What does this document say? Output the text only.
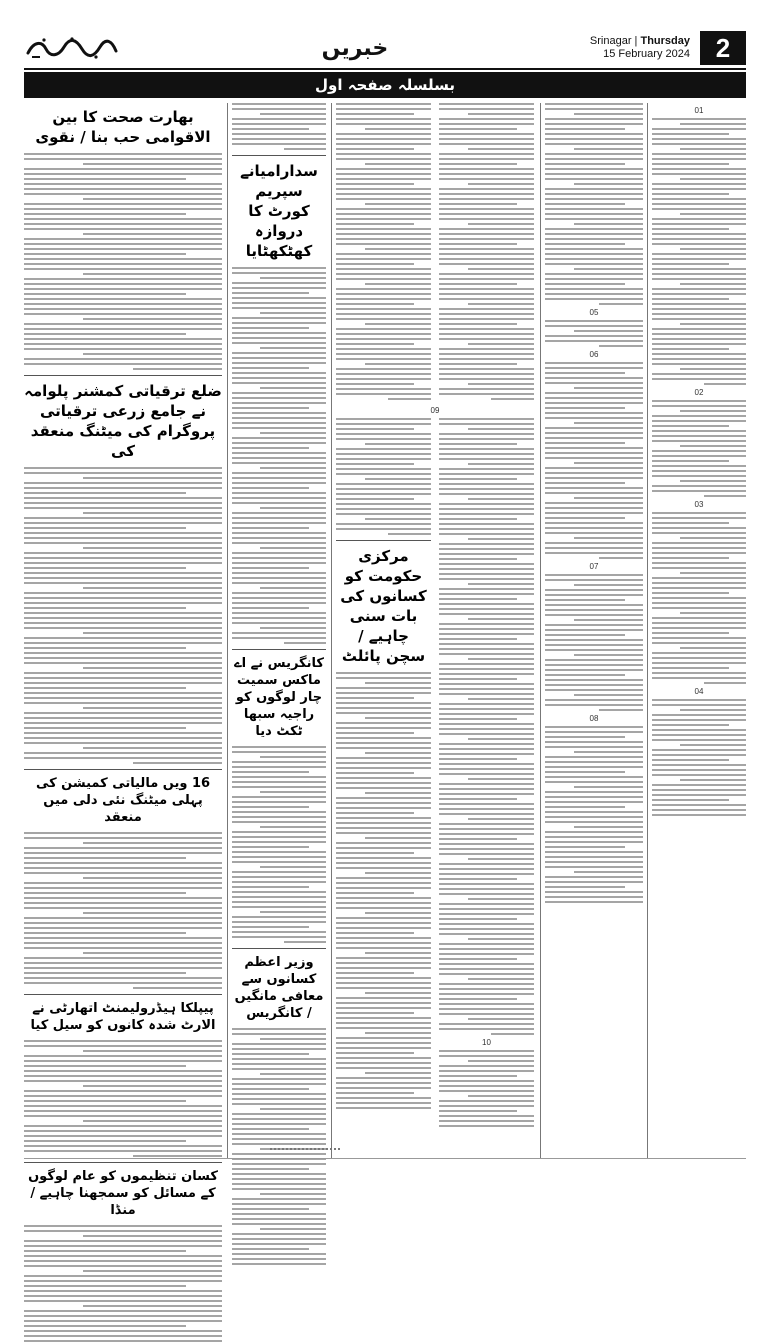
خبریں	Srinagar | Thursday
15 February 2024 2
بسلسلہ صفحہ اول
01
02
03
04
05
06
07
08
09
10
مرکزی حکومت کو کسانوں کی بات سنی چاہیے / سچن پائلٹ
سدارامیانے سپریم کورٹ کا دروازہ کھٹکھٹایا
کانگریس نے اے ماکس سمیت چار لوگوں کو راجیہ سبھا ٹکٹ دیا
وزیر اعظم کسانوں سے معافی مانگیں / کانگریس
بھارت صحت کا بین الاقوامی حب بنا / نقوی
ضلع ترقیاتی کمشنر پلوامہ نے جامع زرعی ترقیاتی پروگرام کی میٹنگ منعقد کی
16 ویں مالیاتی کمیشن کی پہلی میٹنگ نئی دلی میں منعقد
پیپلکا ہیڈرولیمنٹ اتھارٹی نے الارٹ شدہ کانوں کو سیل کیا
کسان تنظیموں کو عام لوگوں کے مسائل کو سمجھنا چاہیے / منڈا
